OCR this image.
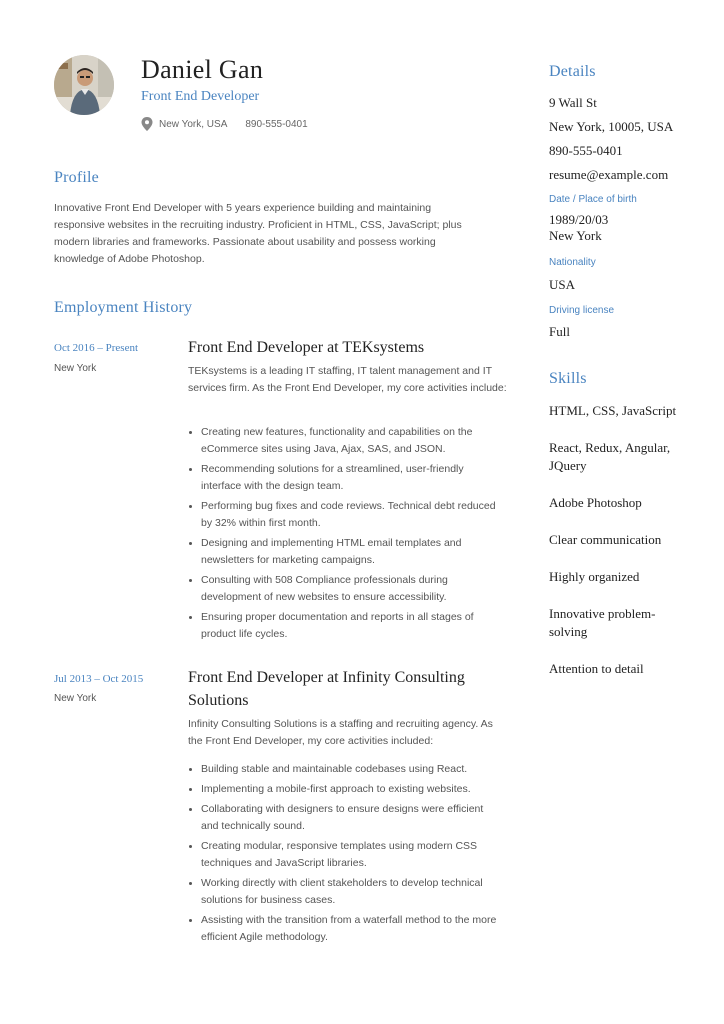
Daniel Gan
Front End Developer
New York, USA 890-555-0401
Profile
Innovative Front End Developer with 5 years experience building and maintaining responsive websites in the recruiting industry. Proficient in HTML, CSS, JavaScript; plus modern libraries and frameworks. Passionate about usability and possess working knowledge of Adobe Photoshop.
Employment History
Oct 2016 – Present
New York
Front End Developer at TEKsystems
TEKsystems is a leading IT staffing, IT talent management and IT services firm. As the Front End Developer, my core activities include:
Creating new features, functionality and capabilities on the eCommerce sites using Java, Ajax, SAS, and JSON.
Recommending solutions for a streamlined, user-friendly interface with the design team.
Performing bug fixes and code reviews. Technical debt reduced by 32% within first month.
Designing and implementing HTML email templates and newsletters for marketing campaigns.
Consulting with 508 Compliance professionals during development of new websites to ensure accessibility.
Ensuring proper documentation and reports in all stages of product life cycles.
Jul 2013 – Oct 2015
New York
Front End Developer at Infinity Consulting Solutions
Infinity Consulting Solutions is a staffing and recruiting agency. As the Front End Developer, my core activities included:
Building stable and maintainable codebases using React.
Implementing a mobile-first approach to existing websites.
Collaborating with designers to ensure designs were efficient and technically sound.
Creating modular, responsive templates using modern CSS techniques and JavaScript libraries.
Working directly with client stakeholders to develop technical solutions for business cases.
Assisting with the transition from a waterfall method to the more efficient Agile methodology.
Details
9 Wall St
New York, 10005, USA
890-555-0401
resume@example.com
Date / Place of birth
1989/20/03
New York
Nationality
USA
Driving license
Full
Skills
HTML, CSS, JavaScript
React, Redux, Angular, JQuery
Adobe Photoshop
Clear communication
Highly organized
Innovative problem-solving
Attention to detail
